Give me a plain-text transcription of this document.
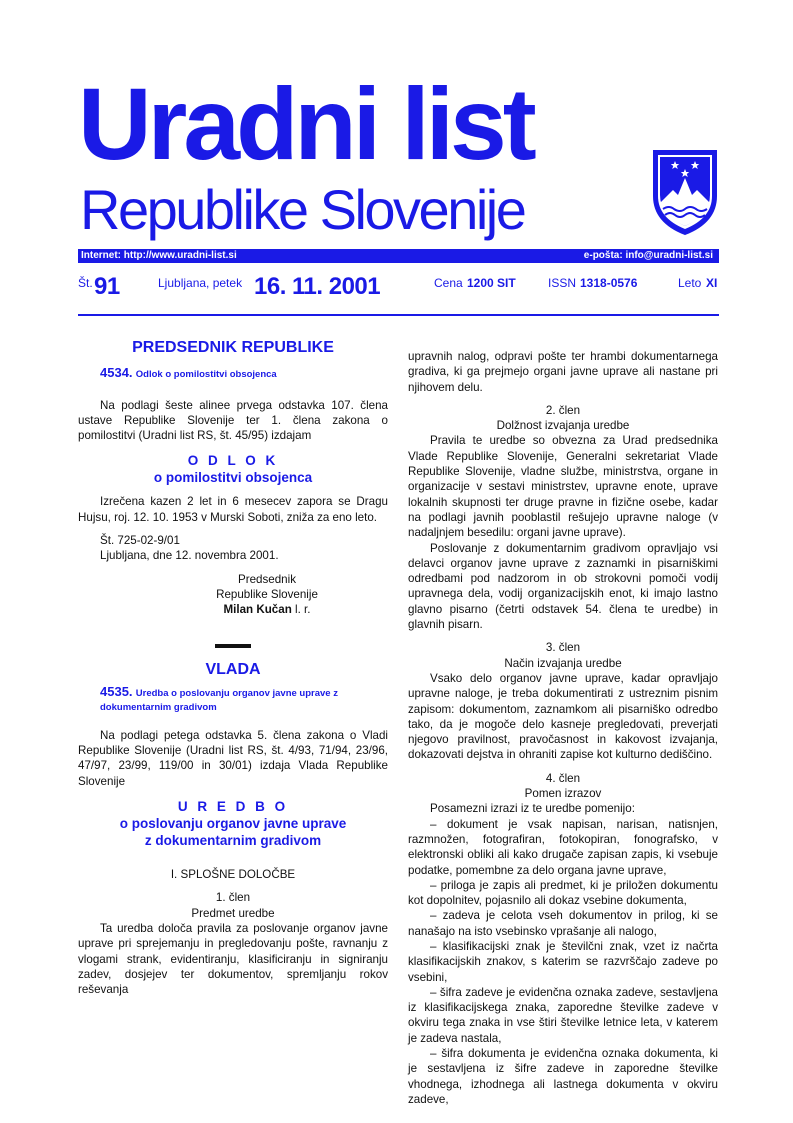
Uradni list
Republike Slovenije
Internet: http://www.uradni-list.si	e-pošta: info@uradni-list.si
Št. 91	Ljubljana, petek 16. 11. 2001	Cena 1200 SIT	ISSN 1318-0576	Leto XI

PREDSEDNIK REPUBLIKE

4534. Odlok o pomilostitvi obsojenca

Na podlagi šeste alinee prvega odstavka 107. člena ustave Republike Slovenije ter 1. člena zakona o pomilostitvi (Uradni list RS, št. 45/95) izdajam

O D L O K

o pomilostitvi obsojenca

Izrečena kazen 2 let in 6 mesecev zapora se Dragu Hujsu, roj. 12. 10. 1953 v Murski Soboti, zniža za eno leto.

Št. 725-02-9/01

Ljubljana, dne 12. novembra 2001.

Predsednik
Republike Slovenije
Milan Kučan l. r.

VLADA

4535. Uredba o poslovanju organov javne uprave z dokumentarnim gradivom

Na podlagi petega odstavka 5. člena zakona o Vladi Republike Slovenije (Uradni list RS, št. 4/93, 71/94, 23/96, 47/97, 23/99, 119/00 in 30/01) izdaja Vlada Republike Slovenije

U R E D B O

o poslovanju organov javne uprave

z dokumentarnim gradivom

I. SPLOŠNE DOLOČBE

1. člen

Predmet uredbe

Ta uredba določa pravila za poslovanje organov javne uprave pri sprejemanju in pregledovanju pošte, ravnanju z vlogami strank, evidentiranju, klasificiranju in signiranju zadev, dosjejev ter dokumentov, spremljanju rokov reševanja

upravnih nalog, odpravi pošte ter hrambi dokumentarnega gradiva, ki ga prejmejo organi javne uprave ali nastane pri njihovem delu.

2. člen

Dolžnost izvajanja uredbe

Pravila te uredbe so obvezna za Urad predsednika Vlade Republike Slovenije, Generalni sekretariat Vlade Republike Slovenije, vladne službe, ministrstva, organe in organizacije v sestavi ministrstev, upravne enote, uprave lokalnih skupnosti ter druge pravne in fizične osebe, kadar na podlagi javnih pooblastil rešujejo upravne naloge (v nadaljnjem besedilu: organi javne uprave).

Poslovanje z dokumentarnim gradivom opravljajo vsi delavci organov javne uprave z zaznamki in pisarniškimi odredbami pod nadzorom in ob strokovni pomoči vodij upravnega dela, vodij organizacijskih enot, ki imajo lastno glavno pisarno (četrti odstavek 54. člena te uredbe) in glavnih pisarn.

3. člen

Način izvajanja uredbe

Vsako delo organov javne uprave, kadar opravljajo upravne naloge, je treba dokumentirati z ustreznim pisnim zapisom: dokumentom, zaznamkom ali pisarniško odredbo tako, da je mogoče delo kasneje pregledovati, preverjati njegovo pravilnost, pravočasnost in kakovost izvajanja, dokazovati dejstva in ohraniti zapise kot kulturno dediščino.

4. člen

Pomen izrazov

Posamezni izrazi iz te uredbe pomenijo:

– dokument je vsak napisan, narisan, natisnjen, razmnožen, fotografiran, fotokopiran, fonografsko, v elektronski obliki ali kako drugače zapisan zapis, ki vsebuje podatke, pomembne za delo organa javne uprave,

– priloga je zapis ali predmet, ki je priložen dokumentu kot dopolnitev, pojasnilo ali dokaz vsebine dokumenta,

– zadeva je celota vseh dokumentov in prilog, ki se nanašajo na isto vsebinsko vprašanje ali nalogo,

– klasifikacijski znak je številčni znak, vzet iz načrta klasifikacijskih znakov, s katerim se razvrščajo zadeve po vsebini,

– šifra zadeve je evidenčna oznaka zadeve, sestavljena iz klasifikacijskega znaka, zaporedne številke zadeve v okviru tega znaka in vse štiri številke letnice leta, v katerem je zadeva nastala,

– šifra dokumenta je evidenčna oznaka dokumenta, ki je sestavljena iz šifre zadeve in zaporedne številke vhodnega, izhodnega ali lastnega dokumenta v okviru zadeve,
